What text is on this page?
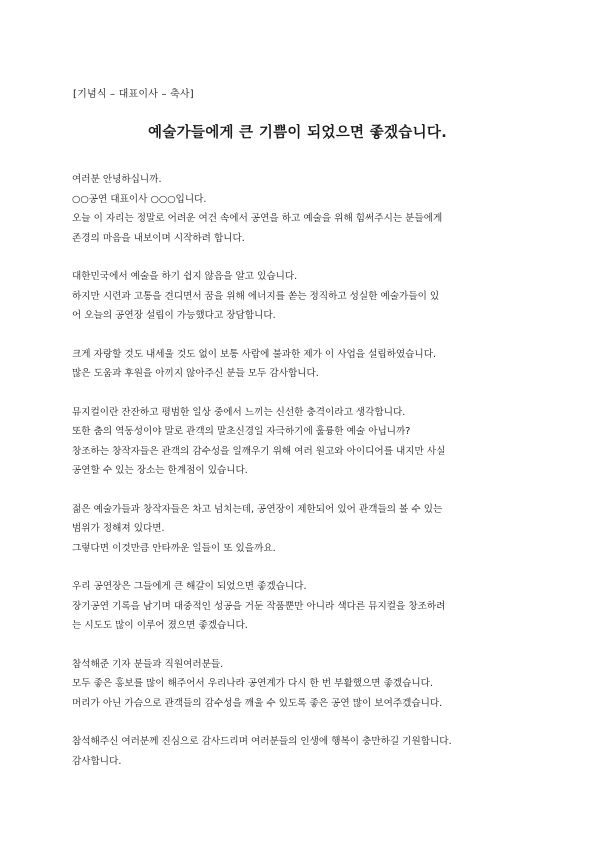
[기념식 – 대표이사 – 축사]
예술가들에게 큰 기쁨이 되었으면 좋겠습니다.
여러분 안녕하십니까.
○○공연 대표이사 ○○○입니다.
오늘 이 자리는 정말로 어려운 여건 속에서 공연을 하고 예술을 위해 힘써주시는 분들에게
존경의 마음을 내보이며 시작하려 합니다.
대한민국에서 예술을 하기 쉽지 않음을 알고 있습니다.
하지만 시련과 고통을 견디면서 꿈을 위해 에너지를 쏟는 정직하고 성실한 예술가들이 있
어 오늘의 공연장 설립이 가능했다고 장담합니다.
크게 자랑할 것도 내세울 것도 없이 보통 사람에 불과한 제가 이 사업을 설립하였습니다.
많은 도움과 후원을 아끼지 않아주신 분들 모두 감사합니다.
뮤지컬이란 잔잔하고 평범한 일상 중에서 느끼는 신선한 충격이라고 생각합니다.
또한 춤의 역동성이야 말로 관객의 말초신경일 자극하기에 훌륭한 예술 아닙니까?
창조하는 창작자들은 관객의 감수성을 일깨우기 위해 여러 원고와 아이디어를 내지만 사실
공연할 수 있는 장소는 한계점이 있습니다.
젊은 예술가들과 창작자들은 차고 넘치는데, 공연장이 제한되어 있어 관객들의 볼 수 있는
범위가 정해져 있다면.
그렇다면 이것만큼 안타까운 일들이 또 있을까요.
우리 공연장은 그들에게 큰 해갈이 되었으면 좋겠습니다.
장기공연 기록을 남기며 대중적인 성공을 거둔 작품뿐만 아니라 색다른 뮤지컬을 창조하려
는 시도도 많이 이루어 졌으면 좋겠습니다.
참석해준 기자 분들과 직원여러분들.
모두 좋은 홍보를 많이 해주어서 우리나라 공연계가 다시 한 번 부활했으면 좋겠습니다.
머리가 아닌 가슴으로 관객들의 감수성을 깨울 수 있도록 좋은 공연 많이 보여주겠습니다.
참석해주신 여러분께 진심으로 감사드리며 여러분들의 인생에 행복이 충만하길 기원합니다.
감사합니다.
